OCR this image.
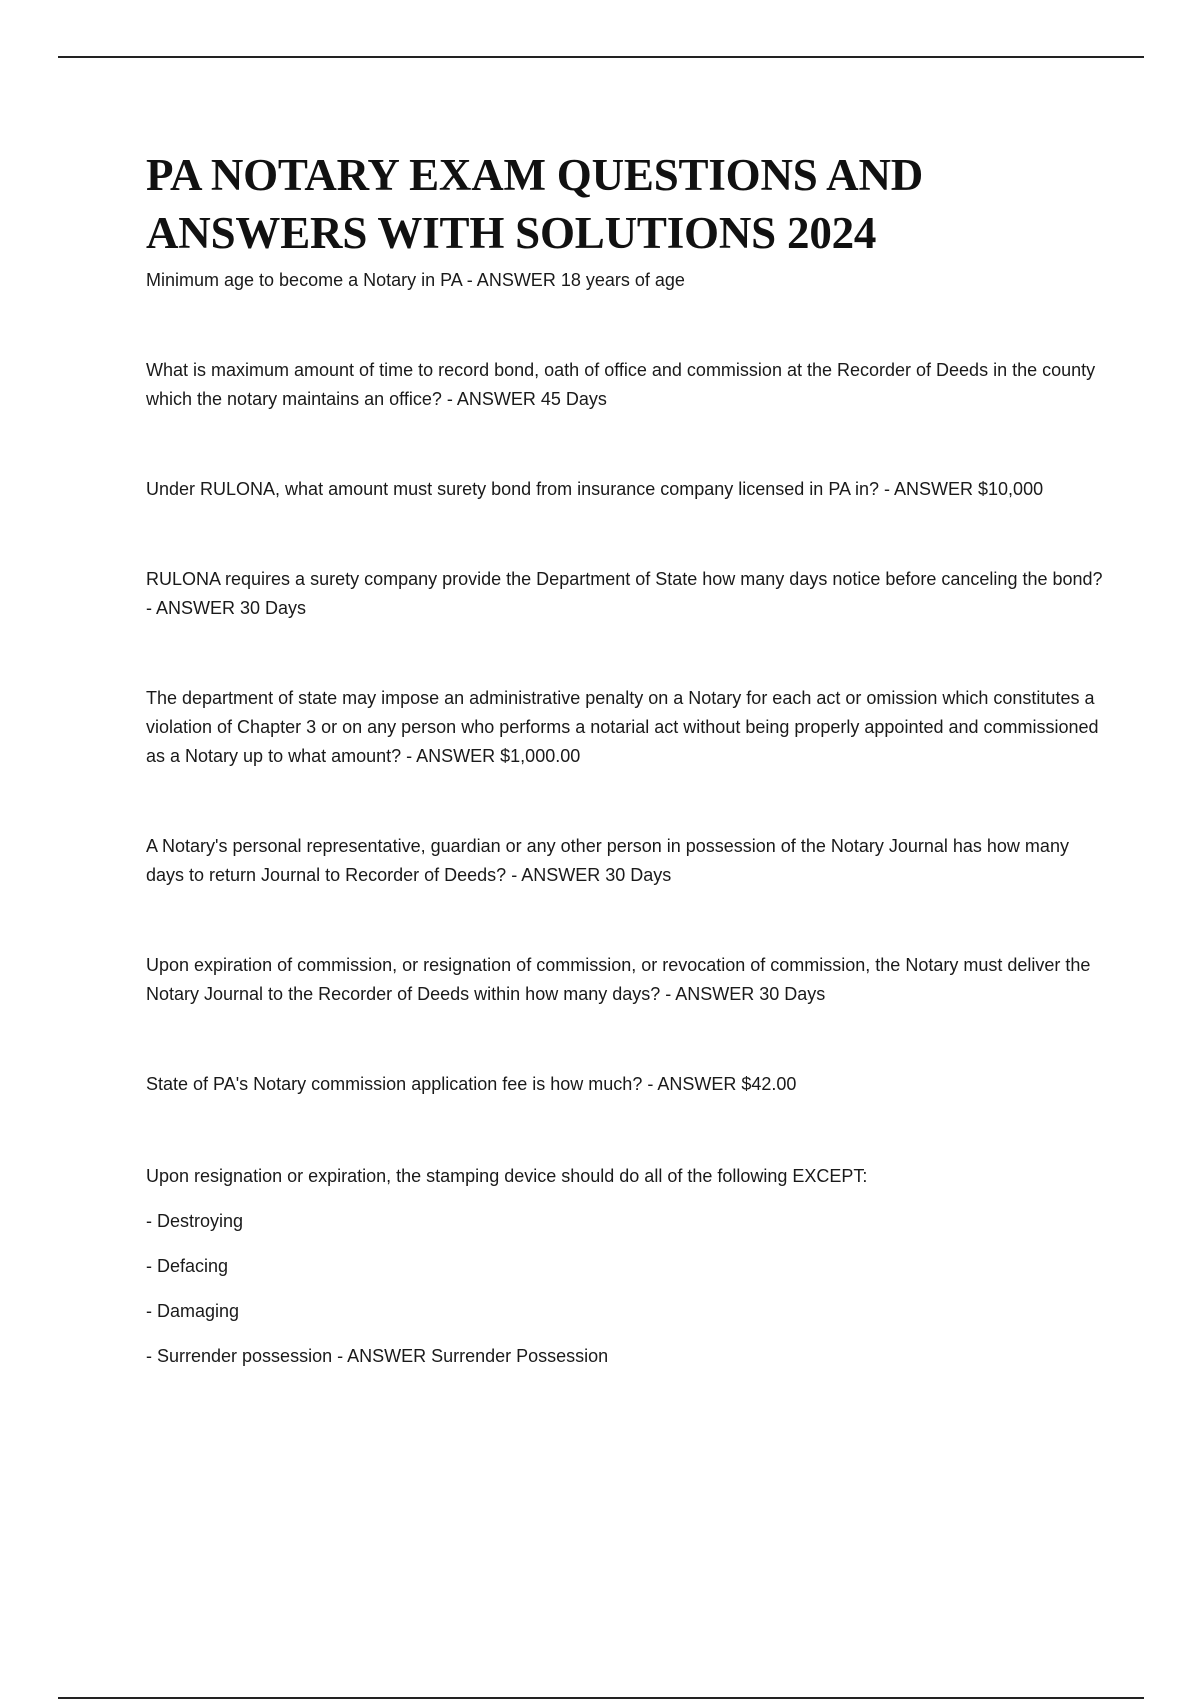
PA NOTARY EXAM QUESTIONS AND ANSWERS WITH SOLUTIONS 2024

Minimum age to become a Notary in PA - ANSWER 18 years of age

What is maximum amount of time to record bond, oath of office and commission at the Recorder of Deeds in the county which the notary maintains an office? - ANSWER 45 Days

Under RULONA, what amount must surety bond from insurance company licensed in PA in? - ANSWER $10,000

RULONA requires a surety company provide the Department of State how many days notice before canceling the bond? - ANSWER 30 Days

The department of state may impose an administrative penalty on a Notary for each act or omission which constitutes a violation of Chapter 3 or on any person who performs a notarial act without being properly appointed and commissioned as a Notary up to what amount? - ANSWER $1,000.00

A Notary's personal representative, guardian or any other person in possession of the Notary Journal has how many days to return Journal to Recorder of Deeds? - ANSWER 30 Days

Upon expiration of commission, or resignation of commission, or revocation of commission, the Notary must deliver the Notary Journal to the Recorder of Deeds within how many days? - ANSWER 30 Days

State of PA's Notary commission application fee is how much? - ANSWER $42.00

Upon resignation or expiration, the stamping device should do all of the following EXCEPT:

- Destroying

- Defacing

- Damaging

- Surrender possession - ANSWER Surrender Possession
